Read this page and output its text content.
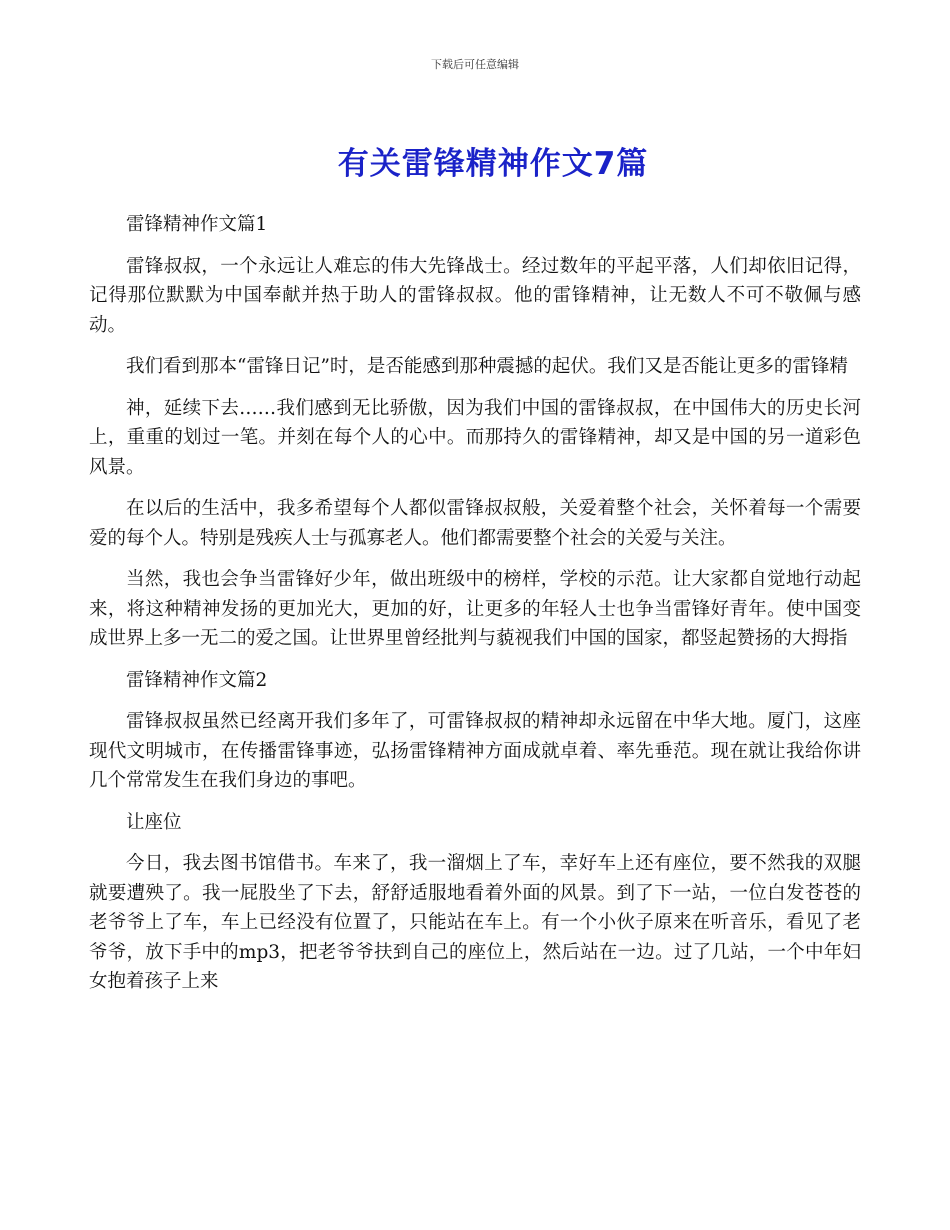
下载后可任意编辑
有关雷锋精神作文7篇

雷锋精神作文篇1

雷锋叔叔，一个永远让人难忘的伟大先锋战士。经过数年的平起平落，人们却依旧记得，记得那位默默为中国奉献并热于助人的雷锋叔叔。他的雷锋精神，让无数人不可不敬佩与感动。

我们看到那本“雷锋日记”时，是否能感到那种震撼的起伏。我们又是否能让更多的雷锋精

神，延续下去……我们感到无比骄傲，因为我们中国的雷锋叔叔，在中国伟大的历史长河上，重重的划过一笔。并刻在每个人的心中。而那持久的雷锋精神，却又是中国的另一道彩色风景。

在以后的生活中，我多希望每个人都似雷锋叔叔般，关爱着整个社会，关怀着每一个需要爱的每个人。特别是残疾人士与孤寡老人。他们都需要整个社会的关爱与关注。

当然，我也会争当雷锋好少年，做出班级中的榜样，学校的示范。让大家都自觉地行动起来，将这种精神发扬的更加光大，更加的好，让更多的年轻人士也争当雷锋好青年。使中国变成世界上多一无二的爱之国。让世界里曾经批判与藐视我们中国的国家，都竖起赞扬的大拇指

雷锋精神作文篇2

雷锋叔叔虽然已经离开我们多年了，可雷锋叔叔的精神却永远留在中华大地。厦门，这座现代文明城市，在传播雷锋事迹，弘扬雷锋精神方面成就卓着、率先垂范。现在就让我给你讲几个常常发生在我们身边的事吧。

让座位

今日，我去图书馆借书。车来了，我一溜烟上了车，幸好车上还有座位，要不然我的双腿就要遭殃了。我一屁股坐了下去，舒舒适服地看着外面的风景。到了下一站，一位白发苍苍的老爷爷上了车，车上已经没有位置了，只能站在车上。有一个小伙子原来在听音乐，看见了老爷爷，放下手中的mp3，把老爷爷扶到自己的座位上，然后站在一边。过了几站，一个中年妇女抱着孩子上来
